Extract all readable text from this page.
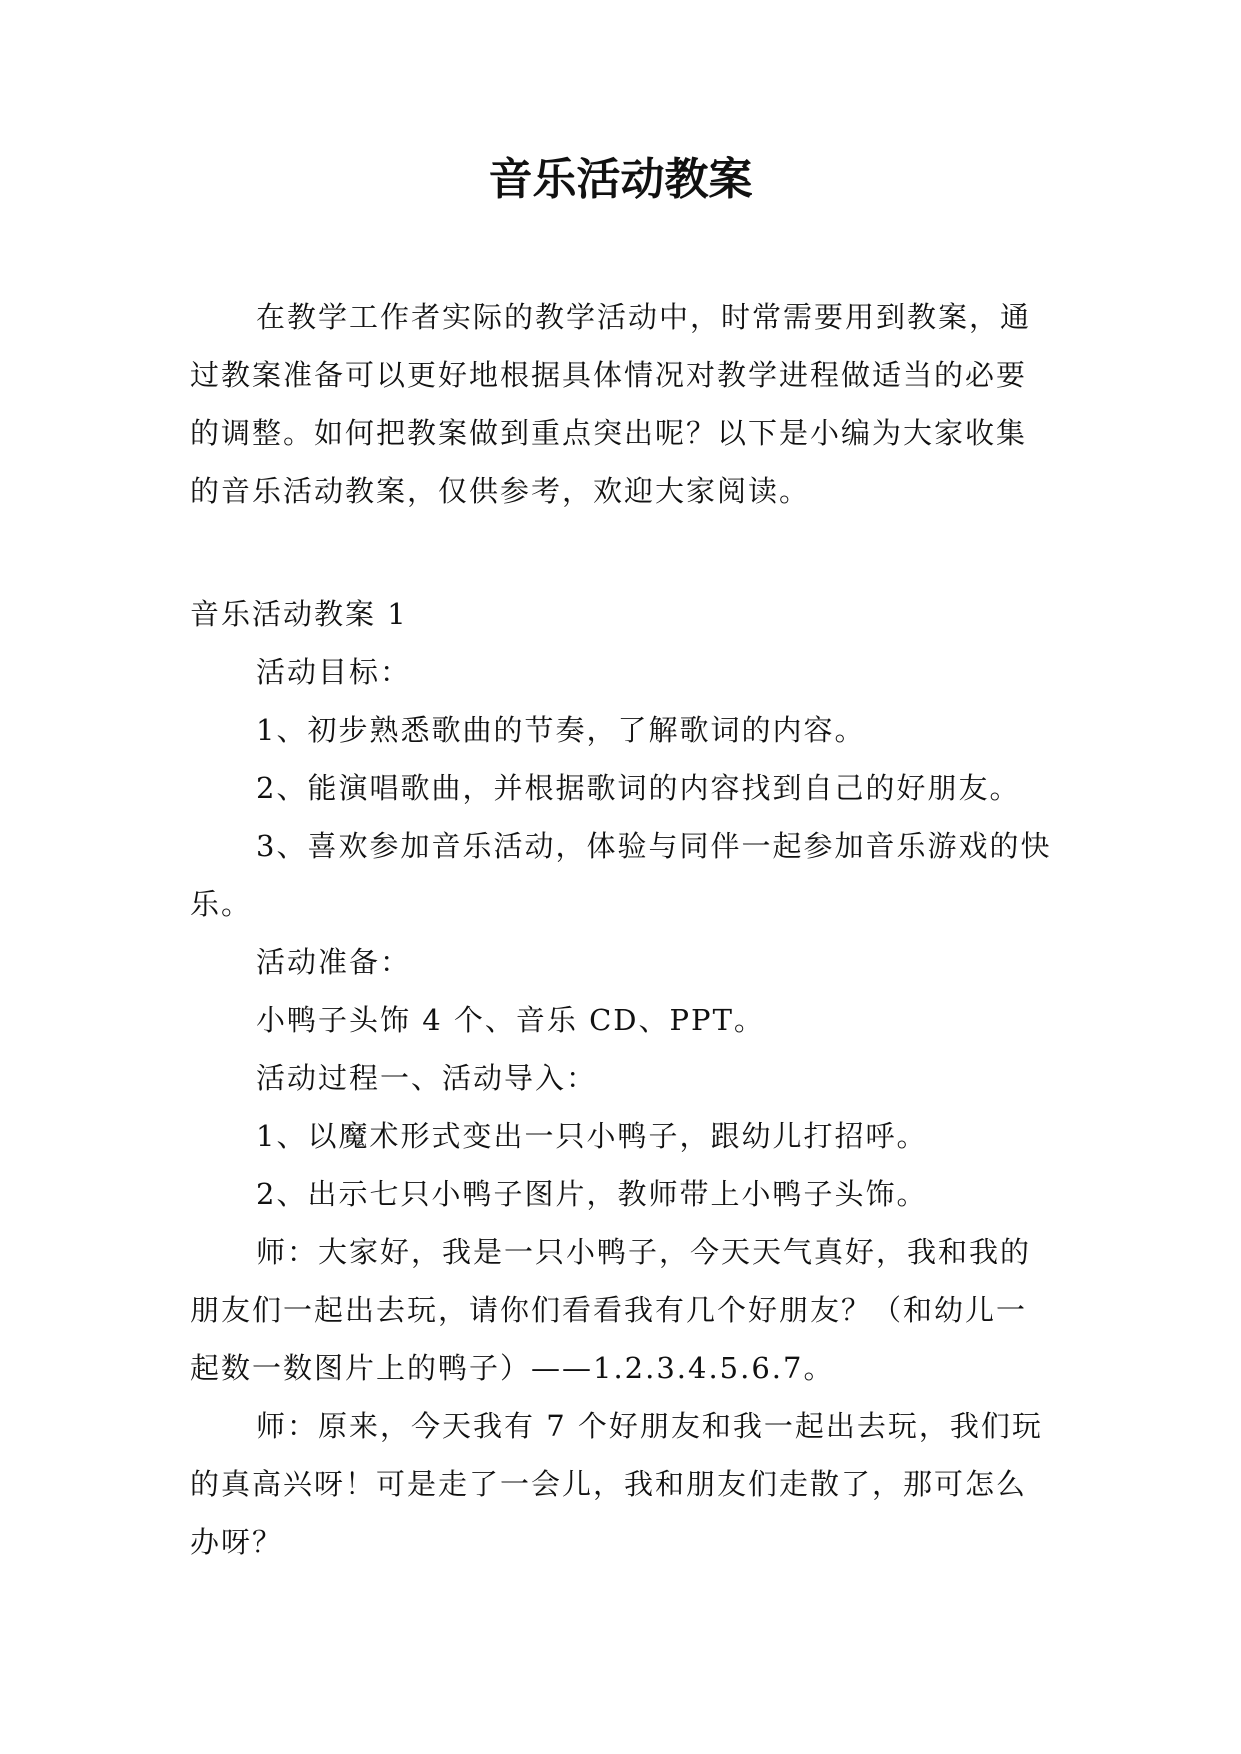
音乐活动教案

在教学工作者实际的教学活动中，时常需要用到教案，通过教案准备可以更好地根据具体情况对教学进程做适当的必要的调整。如何把教案做到重点突出呢？以下是小编为大家收集的音乐活动教案，仅供参考，欢迎大家阅读。

音乐活动教案 1

活动目标：

1、初步熟悉歌曲的节奏，了解歌词的内容。

2、能演唱歌曲，并根据歌词的内容找到自己的好朋友。

3、喜欢参加音乐活动，体验与同伴一起参加音乐游戏的快乐。

活动准备：

小鸭子头饰 4 个、音乐 CD、PPT。

活动过程一、活动导入：

1、以魔术形式变出一只小鸭子，跟幼儿打招呼。

2、出示七只小鸭子图片，教师带上小鸭子头饰。

师：大家好，我是一只小鸭子，今天天气真好，我和我的朋友们一起出去玩，请你们看看我有几个好朋友？（和幼儿一起数一数图片上的鸭子）——1.2.3.4.5.6.7。

师：原来，今天我有 7 个好朋友和我一起出去玩，我们玩的真高兴呀！可是走了一会儿，我和朋友们走散了，那可怎么办呀？
